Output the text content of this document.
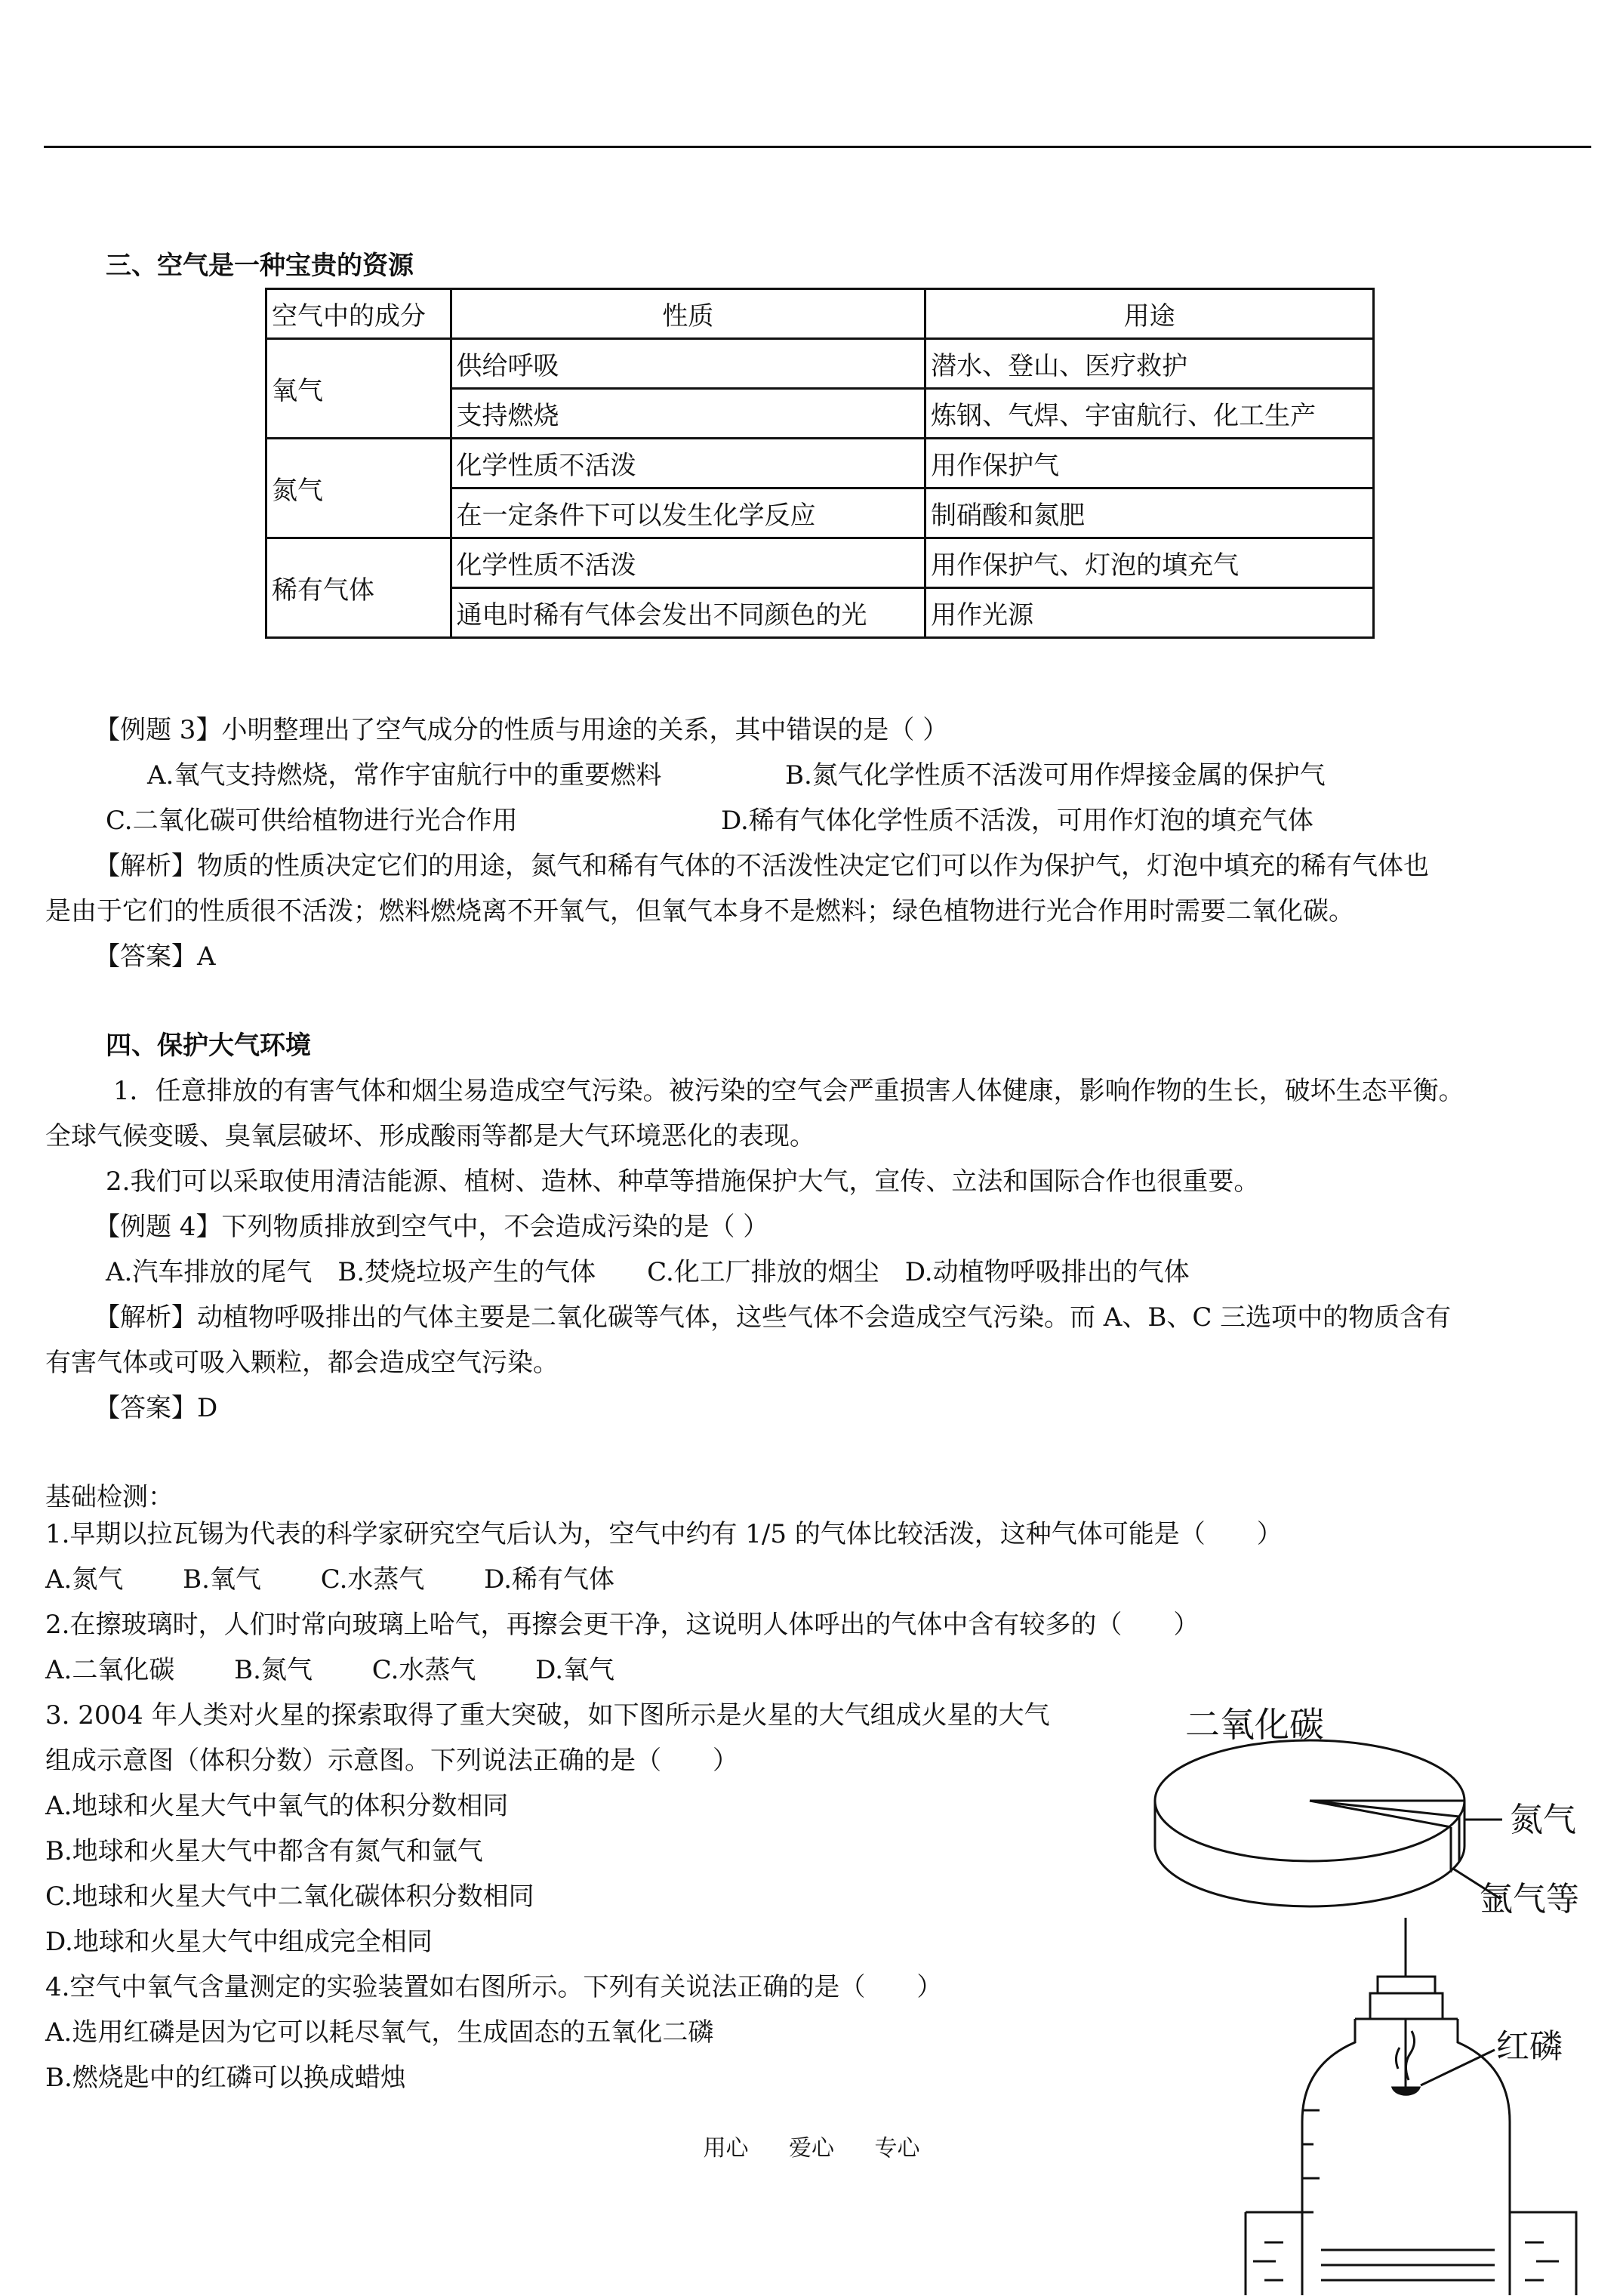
三、空气是一种宝贵的资源
空气中的成分	性质	用途
氧气	供给呼吸	潜水、登山、医疗救护
	支持燃烧	炼钢、气焊、宇宙航行、化工生产
氮气	化学性质不活泼	用作保护气
	在一定条件下可以发生化学反应	制硝酸和氮肥
稀有气体	化学性质不活泼	用作保护气、灯泡的填充气
	通电时稀有气体会发出不同颜色的光	用作光源
【例题 3】小明整理出了空气成分的性质与用途的关系，其中错误的是（ ）
A.氧气支持燃烧，常作宇宙航行中的重要燃料	B.氮气化学性质不活泼可用作焊接金属的保护气
C.二氧化碳可供给植物进行光合作用	D.稀有气体化学性质不活泼，可用作灯泡的填充气体
【解析】物质的性质决定它们的用途，氮气和稀有气体的不活泼性决定它们可以作为保护气，灯泡中填充的稀有气体也
是由于它们的性质很不活泼；燃料燃烧离不开氧气，但氧气本身不是燃料；绿色植物进行光合作用时需要二氧化碳。
【答案】A
四、保护大气环境
1．任意排放的有害气体和烟尘易造成空气污染。被污染的空气会严重损害人体健康，影响作物的生长，破坏生态平衡。
全球气候变暖、臭氧层破坏、形成酸雨等都是大气环境恶化的表现。
2.我们可以采取使用清洁能源、植树、造林、种草等措施保护大气，宣传、立法和国际合作也很重要。
【例题 4】下列物质排放到空气中，不会造成污染的是（ ）
A.汽车排放的尾气　B.焚烧垃圾产生的气体　　C.化工厂排放的烟尘　D.动植物呼吸排出的气体
【解析】动植物呼吸排出的气体主要是二氧化碳等气体，这些气体不会造成空气污染。而 A、B、C 三选项中的物质含有
有害气体或可吸入颗粒，都会造成空气污染。
【答案】D
基础检测：
1.早期以拉瓦锡为代表的科学家研究空气后认为，空气中约有 1/5 的气体比较活泼，这种气体可能是（　　）
A.氮气　　 B.氧气　　 C.水蒸气　　 D.稀有气体
2.在擦玻璃时，人们时常向玻璃上哈气，再擦会更干净，这说明人体呼出的气体中含有较多的（　　）
A.二氧化碳　　 B.氮气　　 C.水蒸气　　 D.氧气
3. 2004 年人类对火星的探索取得了重大突破，如下图所示是火星的大气组成火星的大气
组成示意图（体积分数）示意图。下列说法正确的是（　　）
A.地球和火星大气中氧气的体积分数相同
B.地球和火星大气中都含有氮气和氩气
C.地球和火星大气中二氧化碳体积分数相同
D.地球和火星大气中组成完全相同
4.空气中氧气含量测定的实验装置如右图所示。下列有关说法正确的是（　　）
A.选用红磷是因为它可以耗尽氧气，生成固态的五氧化二磷
B.燃烧匙中的红磷可以换成蜡烛
二氧化碳
氮气
氩气等
红磷
用心 爱心 专心
